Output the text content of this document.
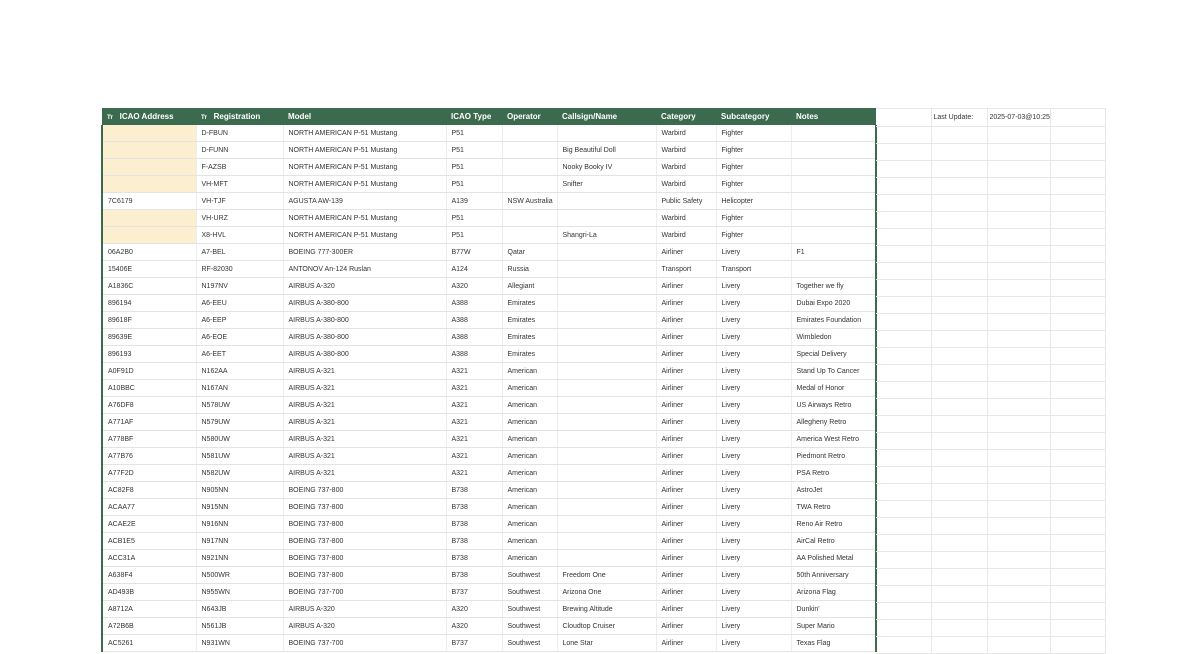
Tт ICAO Address	Tт Registration	Model	ICAO Type	Operator	Callsign/Name	Category	Subcategory	Notes
	D-FBUN	NORTH AMERICAN P-51 Mustang	P51			Warbird	Fighter	
	D-FUNN	NORTH AMERICAN P-51 Mustang	P51		Big Beautiful Doll	Warbird	Fighter	
	F-AZSB	NORTH AMERICAN P-51 Mustang	P51		Nooky Booky IV	Warbird	Fighter	
	VH-MFT	NORTH AMERICAN P-51 Mustang	P51		Snifter	Warbird	Fighter	
7C6179	VH-TJF	AGUSTA AW-139	A139	NSW Australia		Public Safety	Helicopter	
	VH-URZ	NORTH AMERICAN P-51 Mustang	P51			Warbird	Fighter	
	X8-HVL	NORTH AMERICAN P-51 Mustang	P51		Shangri-La	Warbird	Fighter	
06A2B0	A7-BEL	BOEING 777-300ER	B77W	Qatar		Airliner	Livery	F1
15406E	RF-82030	ANTONOV An-124 Ruslan	A124	Russia		Transport	Transport	
A1836C	N197NV	AIRBUS A-320	A320	Allegiant		Airliner	Livery	Together we fly
896194	A6-EEU	AIRBUS A-380-800	A388	Emirates		Airliner	Livery	Dubai Expo 2020
89618F	A6-EEP	AIRBUS A-380-800	A388	Emirates		Airliner	Livery	Emirates Foundation
89639E	A6-EOE	AIRBUS A-380-800	A388	Emirates		Airliner	Livery	Wimbledon
896193	A6-EET	AIRBUS A-380-800	A388	Emirates		Airliner	Livery	Special Delivery
A0F91D	N162AA	AIRBUS A-321	A321	American		Airliner	Livery	Stand Up To Cancer
A10BBC	N167AN	AIRBUS A-321	A321	American		Airliner	Livery	Medal of Honor
A76DF8	N578UW	AIRBUS A-321	A321	American		Airliner	Livery	US Airways Retro
A771AF	N579UW	AIRBUS A-321	A321	American		Airliner	Livery	Allegheny Retro
A778BF	N580UW	AIRBUS A-321	A321	American		Airliner	Livery	America West Retro
A77B76	N581UW	AIRBUS A-321	A321	American		Airliner	Livery	Piedmont Retro
A77F2D	N582UW	AIRBUS A-321	A321	American		Airliner	Livery	PSA Retro
AC82F8	N905NN	BOEING 737-800	B738	American		Airliner	Livery	AstroJet
ACAA77	N915NN	BOEING 737-800	B738	American		Airliner	Livery	TWA Retro
ACAE2E	N916NN	BOEING 737-800	B738	American		Airliner	Livery	Reno Air Retro
ACB1E5	N917NN	BOEING 737-800	B738	American		Airliner	Livery	AirCal Retro
ACC31A	N921NN	BOEING 737-800	B738	American		Airliner	Livery	AA Polished Metal
A638F4	N500WR	BOEING 737-800	B738	Southwest	Freedom One	Airliner	Livery	50th Anniversary
AD493B	N955WN	BOEING 737-700	B737	Southwest	Arizona One	Airliner	Livery	Arizona Flag
A8712A	N643JB	AIRBUS A-320	A320	Southwest	Brewing Altitude	Airliner	Livery	Dunkin'
A72B6B	N561JB	AIRBUS A-320	A320	Southwest	Cloudtop Cruiser	Airliner	Livery	Super Mario
AC5261	N931WN	BOEING 737-700	B737	Southwest	Lone Star	Airliner	Livery	Texas Flag
	Last Update:	2025-07-03@10:25	
